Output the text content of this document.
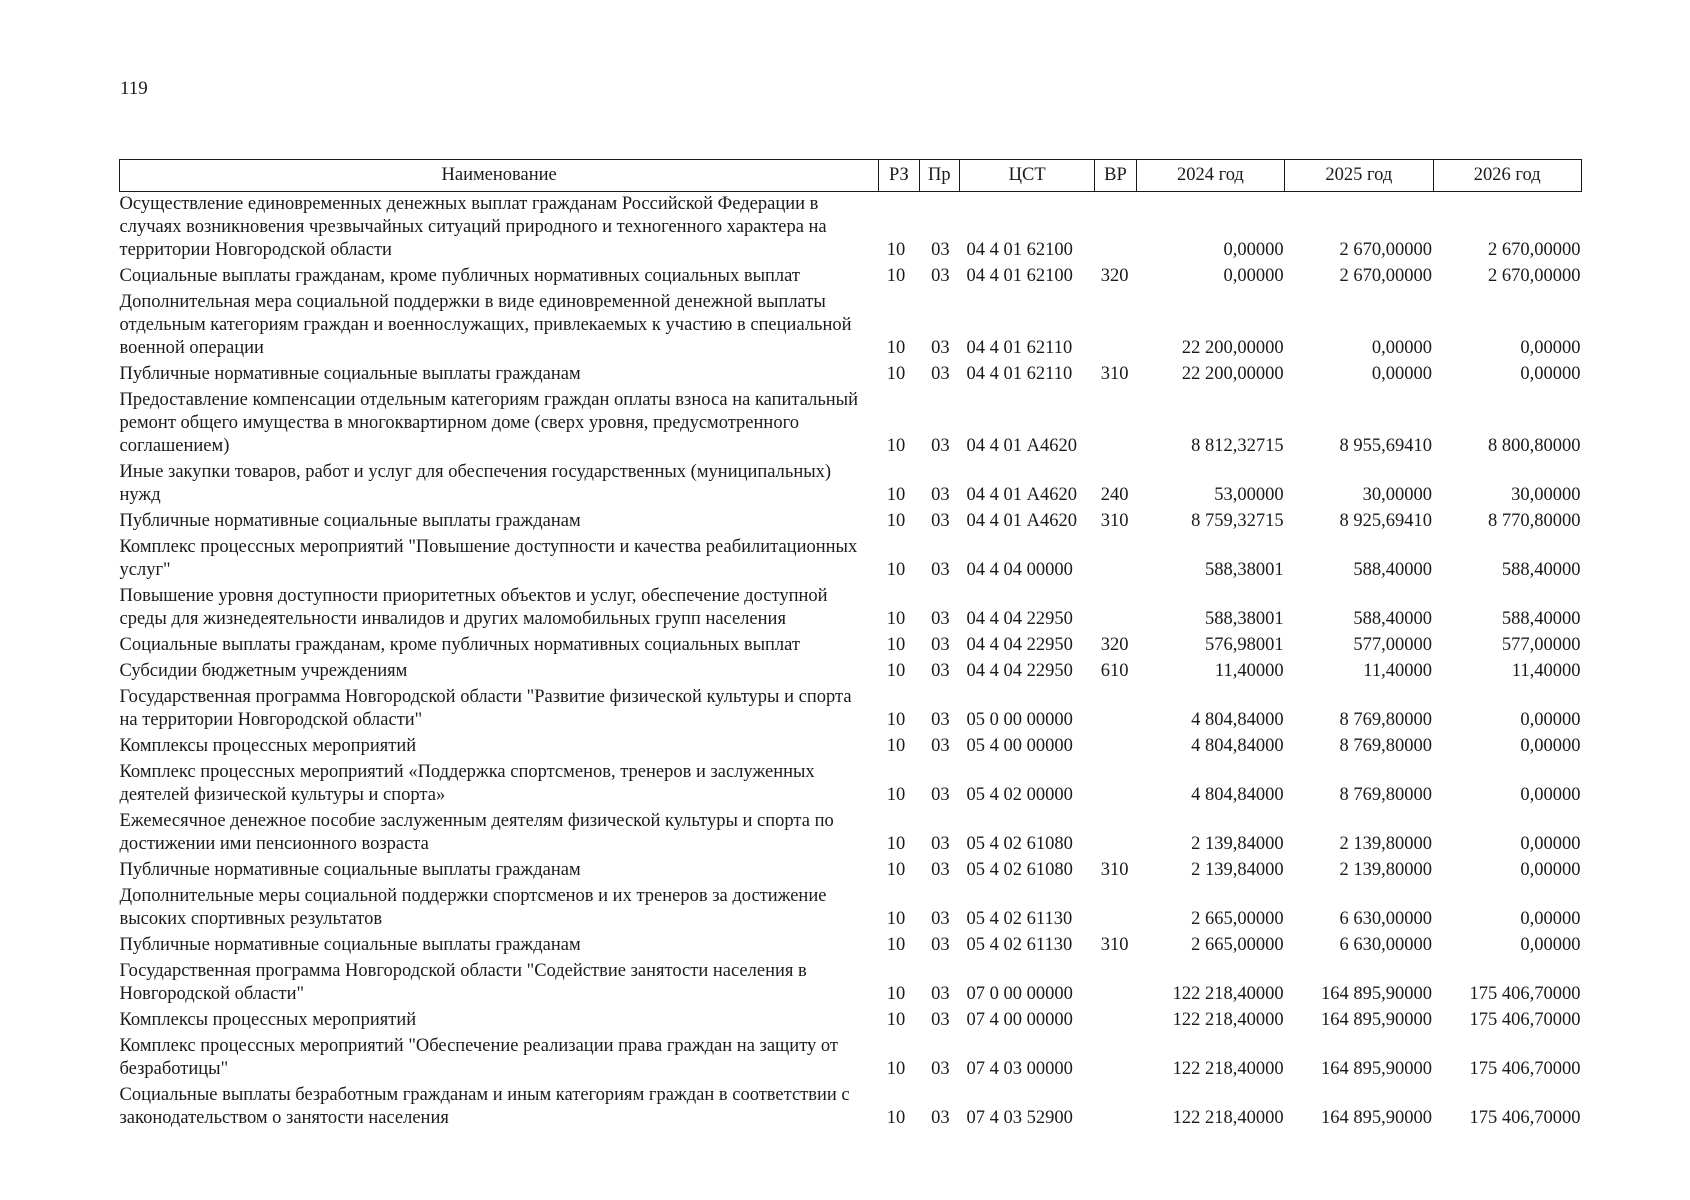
119
Наименование	РЗ	Пр	ЦСТ	ВР	2024 год	2025 год	2026 год
Осуществление единовременных денежных выплат гражданам Российской Федерации в случаях возникновения чрезвычайных ситуаций природного и техногенного характера на территории Новгородской области	10	03	04 4 01 62100		0,00000	2 670,00000	2 670,00000
Социальные выплаты гражданам, кроме публичных нормативных социальных выплат	10	03	04 4 01 62100	320	0,00000	2 670,00000	2 670,00000
Дополнительная мера социальной поддержки в виде единовременной денежной выплаты отдельным категориям граждан и военнослужащих, привлекаемых к участию в специальной военной операции	10	03	04 4 01 62110		22 200,00000	0,00000	0,00000
Публичные нормативные социальные выплаты гражданам	10	03	04 4 01 62110	310	22 200,00000	0,00000	0,00000
Предоставление компенсации отдельным категориям граждан оплаты взноса на капитальный ремонт общего имущества в многоквартирном доме (сверх уровня, предусмотренного соглашением)	10	03	04 4 01 А4620		8 812,32715	8 955,69410	8 800,80000
Иные закупки товаров, работ и услуг для обеспечения государственных (муниципальных) нужд	10	03	04 4 01 А4620	240	53,00000	30,00000	30,00000
Публичные нормативные социальные выплаты гражданам	10	03	04 4 01 А4620	310	8 759,32715	8 925,69410	8 770,80000
Комплекс процессных мероприятий "Повышение доступности и качества реабилитационных услуг"	10	03	04 4 04 00000		588,38001	588,40000	588,40000
Повышение уровня доступности приоритетных объектов и услуг, обеспечение доступной среды для жизнедеятельности инвалидов и других маломобильных групп населения	10	03	04 4 04 22950		588,38001	588,40000	588,40000
Социальные выплаты гражданам, кроме публичных нормативных социальных выплат	10	03	04 4 04 22950	320	576,98001	577,00000	577,00000
Субсидии бюджетным учреждениям	10	03	04 4 04 22950	610	11,40000	11,40000	11,40000
Государственная программа Новгородской области "Развитие физической культуры и спорта на территории Новгородской области"	10	03	05 0 00 00000		4 804,84000	8 769,80000	0,00000
Комплексы процессных мероприятий	10	03	05 4 00 00000		4 804,84000	8 769,80000	0,00000
Комплекс процессных мероприятий «Поддержка спортсменов, тренеров и заслуженных деятелей физической культуры и спорта»	10	03	05 4 02 00000		4 804,84000	8 769,80000	0,00000
Ежемесячное денежное пособие заслуженным деятелям физической культуры и спорта по достижении ими пенсионного возраста	10	03	05 4 02 61080		2 139,84000	2 139,80000	0,00000
Публичные нормативные социальные выплаты гражданам	10	03	05 4 02 61080	310	2 139,84000	2 139,80000	0,00000
Дополнительные меры социальной поддержки спортсменов и их тренеров за достижение высоких спортивных результатов	10	03	05 4 02 61130		2 665,00000	6 630,00000	0,00000
Публичные нормативные социальные выплаты гражданам	10	03	05 4 02 61130	310	2 665,00000	6 630,00000	0,00000
Государственная программа Новгородской области "Содействие занятости населения в Новгородской области"	10	03	07 0 00 00000		122 218,40000	164 895,90000	175 406,70000
Комплексы процессных мероприятий	10	03	07 4 00 00000		122 218,40000	164 895,90000	175 406,70000
Комплекс процессных мероприятий "Обеспечение реализации права граждан на защиту от безработицы"	10	03	07 4 03 00000		122 218,40000	164 895,90000	175 406,70000
Социальные выплаты безработным гражданам и иным категориям граждан в соответствии с законодательством о занятости населения	10	03	07 4 03 52900		122 218,40000	164 895,90000	175 406,70000
